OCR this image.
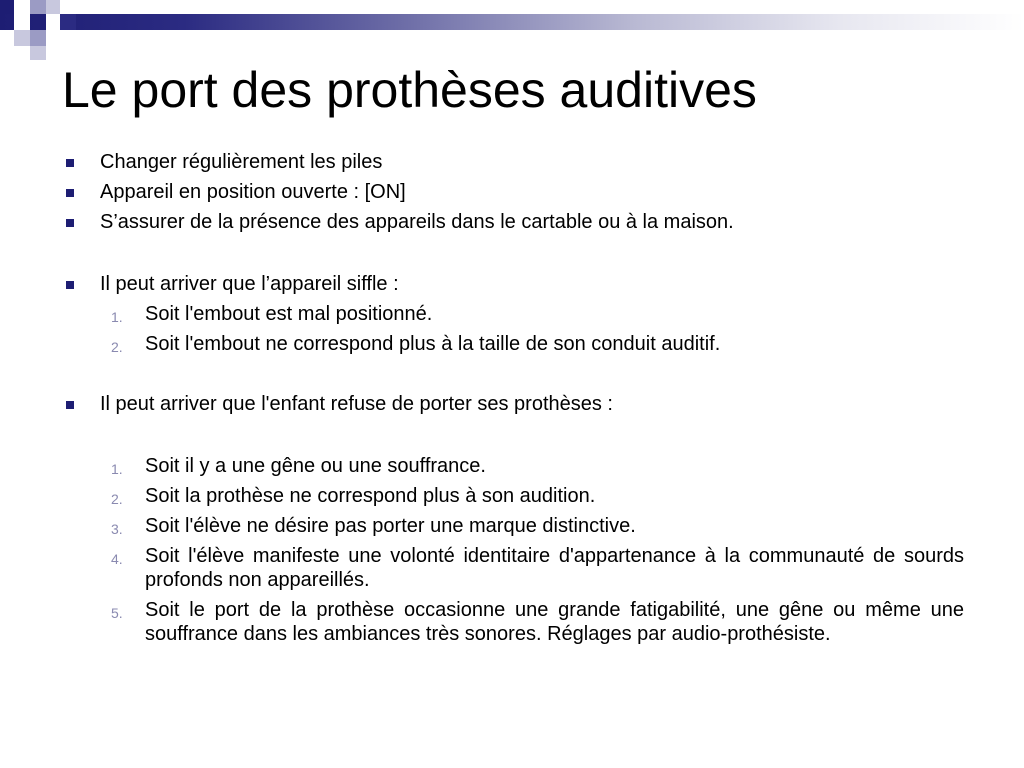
Le port des prothèses auditives
Changer régulièrement les piles
Appareil en position ouverte : [ON]
S’assurer de la présence des appareils dans le cartable ou à la maison.
Il peut arriver que l’appareil siffle :
1.	Soit l'embout est mal positionné.
2.	Soit l'embout ne correspond plus à la taille de son conduit auditif.
Il peut arriver que l'enfant refuse de porter ses prothèses :
1.	Soit il y a une gêne ou une souffrance.
2.	Soit la prothèse ne correspond plus à son audition.
3.	Soit l'élève ne désire pas porter une marque distinctive.
4.	Soit l'élève manifeste une volonté identitaire d'appartenance à la communauté de sourds profonds non appareillés.
5.	Soit le port de la prothèse occasionne une grande fatigabilité, une gêne ou même une souffrance dans les ambiances très sonores. Réglages par audio-prothésiste.
